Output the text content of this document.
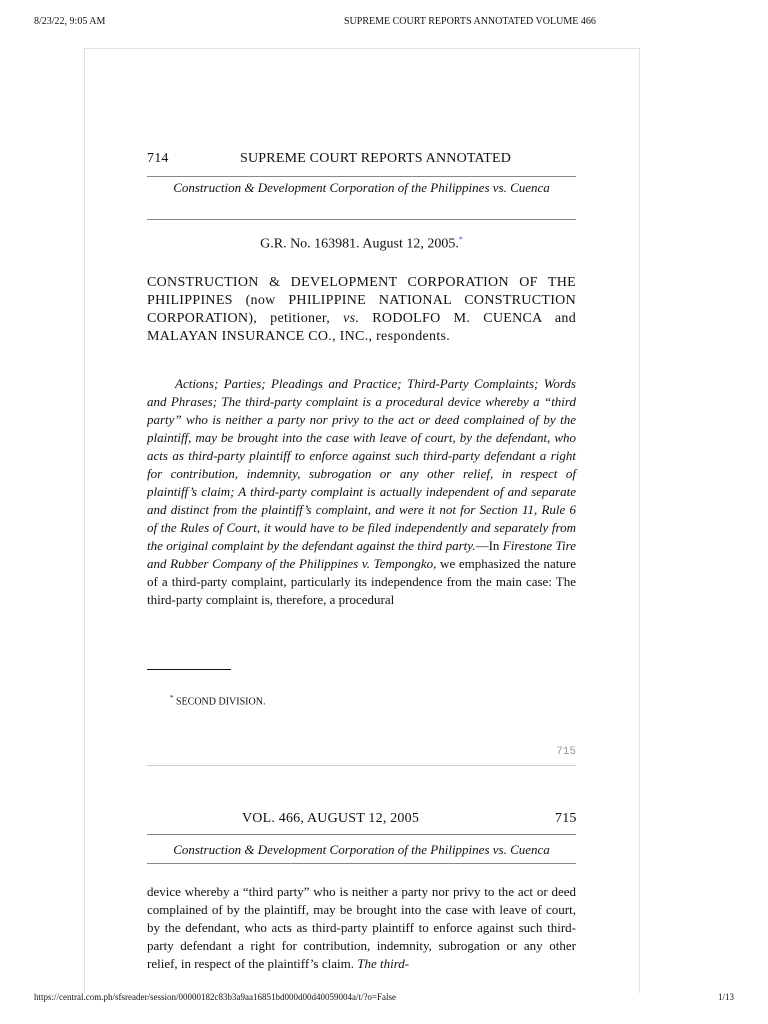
8/23/22, 9:05 AM	SUPREME COURT REPORTS ANNOTATED VOLUME 466
714	SUPREME COURT REPORTS ANNOTATED
Construction & Development Corporation of the Philippines vs. Cuenca
G.R. No. 163981. August 12, 2005.*
CONSTRUCTION & DEVELOPMENT CORPORATION OF THE PHILIPPINES (now PHILIPPINE NATIONAL CONSTRUCTION CORPORATION), petitioner, vs. RODOLFO M. CUENCA and MALAYAN INSURANCE CO., INC., respondents.
Actions; Parties; Pleadings and Practice; Third-Party Complaints; Words and Phrases; The third-party complaint is a procedural device whereby a “third party” who is neither a party nor privy to the act or deed complained of by the plaintiff, may be brought into the case with leave of court, by the defendant, who acts as third-party plaintiff to enforce against such third-party defendant a right for contribution, indemnity, subrogation or any other relief, in respect of plaintiff’s claim; A third-party complaint is actually independent of and separate and distinct from the plaintiff’s complaint, and were it not for Section 11, Rule 6 of the Rules of Court, it would have to be filed independently and separately from the original complaint by the defendant against the third party.—In Firestone Tire and Rubber Company of the Philippines v. Tempongko, we emphasized the nature of a third-party complaint, particularly its independence from the main case: The third-party complaint is, therefore, a procedural
* SECOND DIVISION.
715
VOL. 466, AUGUST 12, 2005	715
Construction & Development Corporation of the Philippines vs. Cuenca
device whereby a “third party” who is neither a party nor privy to the act or deed complained of by the plaintiff, may be brought into the case with leave of court, by the defendant, who acts as third-party plaintiff to enforce against such third-party defendant a right for contribution, indemnity, subrogation or any other relief, in respect of the plaintiff’s claim. The third-
https://central.com.ph/sfsreader/session/00000182c83b3a9aa16851bd000d00d40059004a/t/?o=False	1/13
